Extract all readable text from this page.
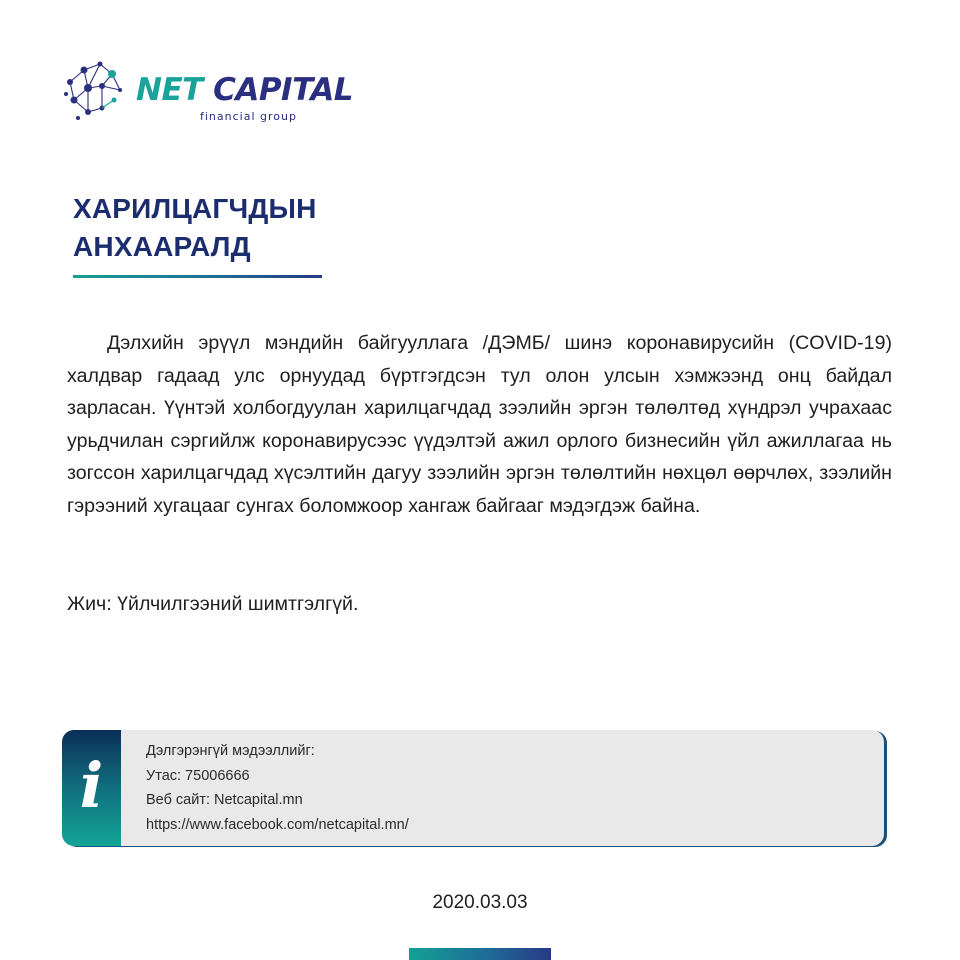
NET CAPITAL
financial group
ХАРИЛЦАГЧДЫН
АНХААРАЛД

Дэлхийн эрүүл мэндийн байгууллага /ДЭМБ/ шинэ коронавирусийн (COVID-19) халдвар гадаад улс орнуудад бүртгэгдсэн тул олон улсын хэмжээнд онц байдал зарласан. Үүнтэй холбогдуулан харилцагчдад зээлийн эргэн төлөлтөд хүндрэл учрахаас урьдчилан сэргийлж коронавирусээс үүдэлтэй ажил орлого бизнесийн үйл ажиллагаа нь зогссон харилцагчдад хүсэлтийн дагуу зээлийн эргэн төлөлтийн нөхцөл өөрчлөх, зээлийн гэрээний хугацааг сунгах боломжоор хангаж байгааг мэдэгдэж байна.

Жич: Үйлчилгээний шимтгэлгүй.

i	Дэлгэрэнгүй мэдээллийг:
Утас: 75006666
Веб сайт: Netcapital.mn
https://www.facebook.com/netcapital.mn/
2020.03.03
